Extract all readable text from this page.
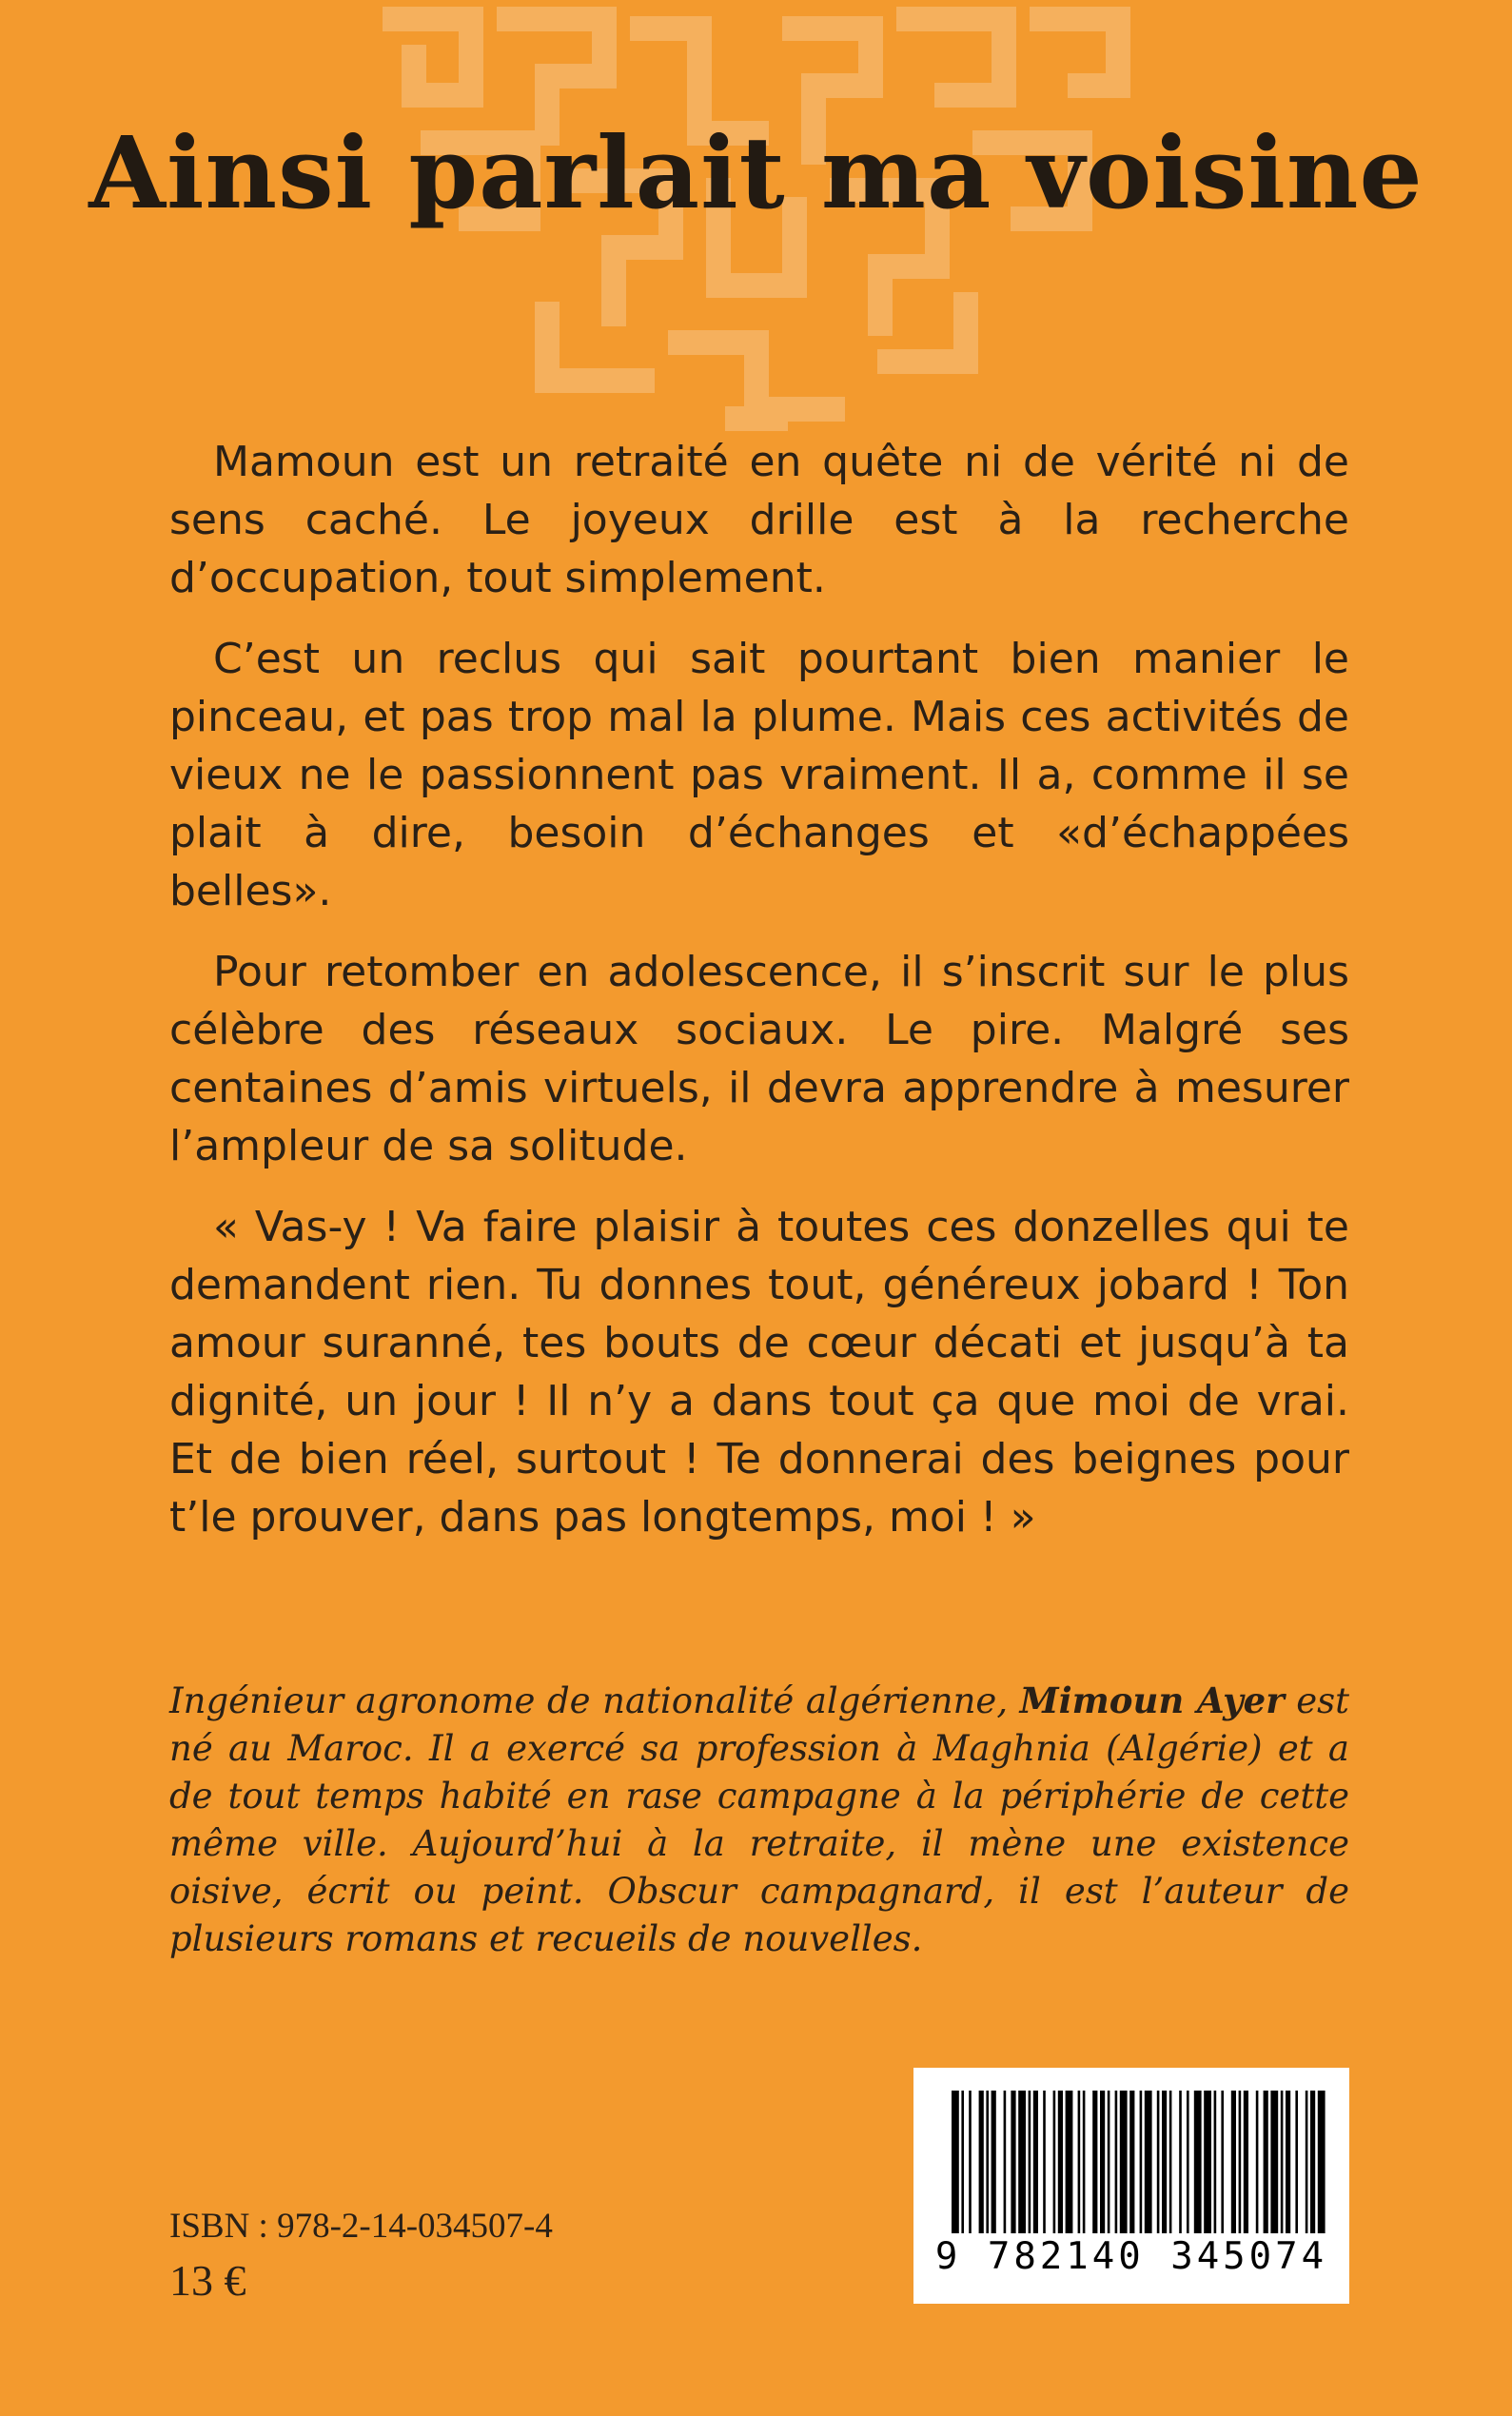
Ainsi parlait ma voisine

Mamoun est un retraité en quête ni de vérité ni de sens caché. Le joyeux drille est à la recherche d’occupation, tout simplement.

C’est un reclus qui sait pourtant bien manier le pinceau, et pas trop mal la plume. Mais ces activités de vieux ne le passionnent pas vraiment. Il a, comme il se plait à dire, besoin d’échanges et «d’échappées belles».

Pour retomber en adolescence, il s’inscrit sur le plus célèbre des réseaux sociaux. Le pire. Malgré ses centaines d’amis virtuels, il devra apprendre à mesurer l’ampleur de sa solitude.

« Vas-y ! Va faire plaisir à toutes ces donzelles qui te demandent rien. Tu donnes tout, généreux jobard ! Ton amour suranné, tes bouts de cœur décati et jusqu’à ta dignité, un jour ! Il n’y a dans tout ça que moi de vrai. Et de bien réel, surtout ! Te donnerai des beignes pour t’le prouver, dans pas longtemps, moi ! »

Ingénieur agronome de nationalité algérienne, Mimoun Ayer est né au Maroc. Il a exercé sa profession à Maghnia (Algérie) et a de tout temps habité en rase campagne à la périphérie de cette même ville. Aujourd’hui à la retraite, il mène une existence oisive, écrit ou peint. Obscur campagnard, il est l’auteur de plusieurs romans et recueils de nouvelles.
ISBN : 978-2-14-034507-4
13 €	9 782140 345074
